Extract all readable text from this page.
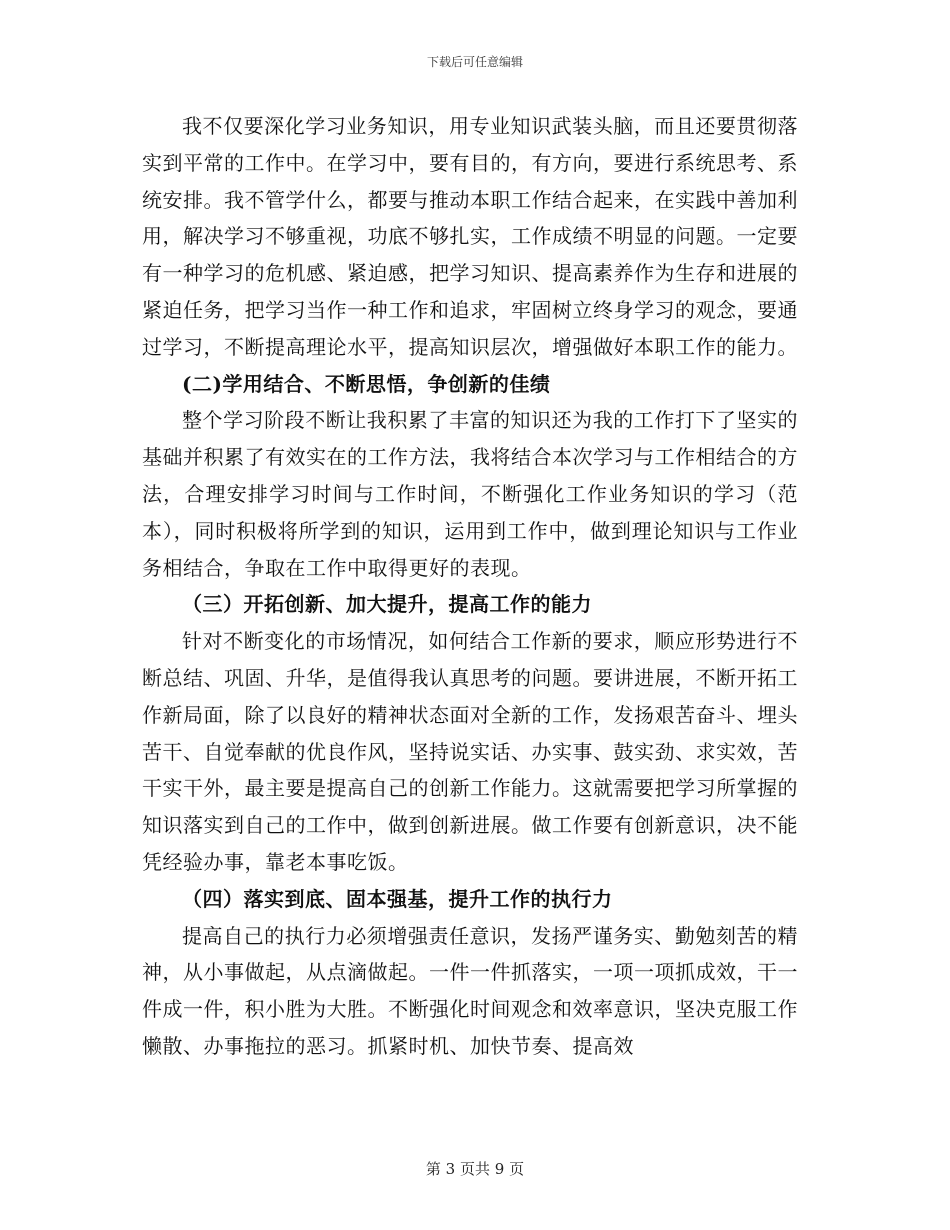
下载后可任意编辑

我不仅要深化学习业务知识，用专业知识武装头脑，而且还要贯彻落实到平常的工作中。在学习中，要有目的，有方向，要进行系统思考、系统安排。我不管学什么，都要与推动本职工作结合起来，在实践中善加利用，解决学习不够重视，功底不够扎实，工作成绩不明显的问题。一定要有一种学习的危机感、紧迫感，把学习知识、提高素养作为生存和进展的紧迫任务，把学习当作一种工作和追求，牢固树立终身学习的观念，要通过学习，不断提高理论水平，提高知识层次，增强做好本职工作的能力。

(二)学用结合、不断思悟，争创新的佳绩

整个学习阶段不断让我积累了丰富的知识还为我的工作打下了坚实的基础并积累了有效实在的工作方法，我将结合本次学习与工作相结合的方法，合理安排学习时间与工作时间，不断强化工作业务知识的学习（范本），同时积极将所学到的知识，运用到工作中，做到理论知识与工作业务相结合，争取在工作中取得更好的表现。

（三）开拓创新、加大提升，提高工作的能力

针对不断变化的市场情况，如何结合工作新的要求，顺应形势进行不断总结、巩固、升华，是值得我认真思考的问题。要讲进展，不断开拓工作新局面，除了以良好的精神状态面对全新的工作，发扬艰苦奋斗、埋头苦干、自觉奉献的优良作风，坚持说实话、办实事、鼓实劲、求实效，苦干实干外，最主要是提高自己的创新工作能力。这就需要把学习所掌握的知识落实到自己的工作中，做到创新进展。做工作要有创新意识，决不能凭经验办事，靠老本事吃饭。

（四）落实到底、固本强基，提升工作的执行力

提高自己的执行力必须增强责任意识，发扬严谨务实、勤勉刻苦的精神，从小事做起，从点滴做起。一件一件抓落实，一项一项抓成效，干一件成一件，积小胜为大胜。不断强化时间观念和效率意识，坚决克服工作懒散、办事拖拉的恶习。抓紧时机、加快节奏、提高效

第 3 页共 9 页
